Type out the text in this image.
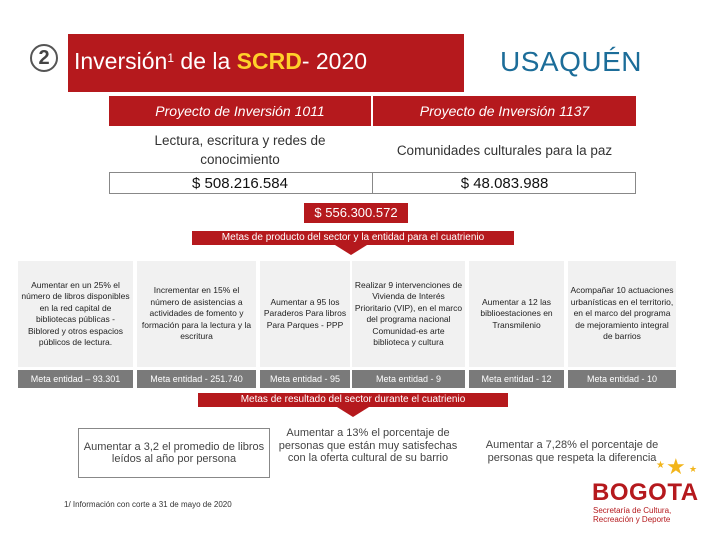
2	Inversión$^1$ de la SCRD- 2020	USAQUÉN
Proyecto de Inversión 1011	Proyecto de Inversión 1137
Lectura, escritura y redes de conocimiento
Comunidades culturales para la paz
$ 508.216.584	$ 48.083.988
$ 556.300.572
Metas de producto del sector y la entidad para el cuatrienio
Aumentar en un 25% el número de libros disponibles en la red capital de bibliotecas públicas - Biblored y otros espacios públicos de lectura.
Incrementar en 15% el número de asistencias a actividades de fomento y formación para la lectura y la escritura
Aumentar a 95 los Paraderos Para libros Para Parques - PPP
Realizar 9 intervenciones de Vivienda de Interés Prioritario (VIP), en el marco del programa nacional Comunidad-es arte biblioteca y cultura
Aumentar a 12 las biblioestaciones en Transmilenio
Acompañar 10 actuaciones urbanísticas en el territorio, en el marco del programa de mejoramiento integral de barrios
Meta entidad – 93.301	Meta entidad - 251.740	Meta entidad - 95	Meta entidad - 9	Meta entidad - 12	Meta entidad - 10
Metas de resultado del sector durante el cuatrienio
Aumentar a 3,2 el promedio de libros leídos al año por persona
Aumentar a 13% el porcentaje de personas que están muy satisfechas con la oferta cultural de su barrio
Aumentar a 7,28% el porcentaje de personas que respeta la diferencia
1/ Información con corte a 31 de mayo de 2020
★
★	★
BOGOTA
Secretaría de Cultura,
Recreación y Deporte
